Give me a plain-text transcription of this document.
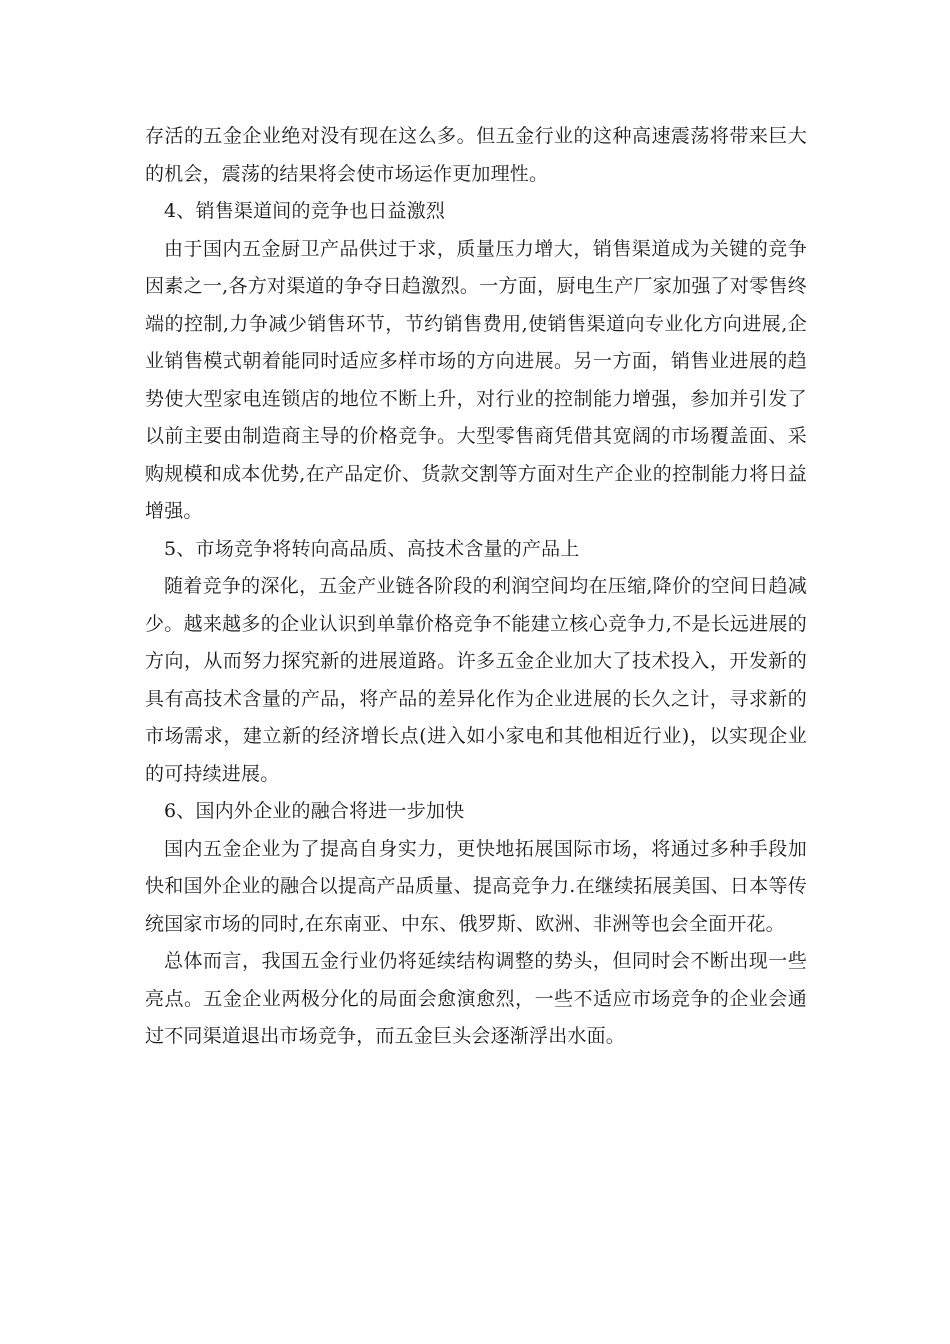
存活的五金企业绝对没有现在这么多。但五金行业的这种高速震荡将带来巨大的机会，震荡的结果将会使市场运作更加理性。

4、销售渠道间的竞争也日益激烈

由于国内五金厨卫产品供过于求，质量压力增大，销售渠道成为关键的竞争因素之一,各方对渠道的争夺日趋激烈。一方面，厨电生产厂家加强了对零售终端的控制,力争减少销售环节，节约销售费用,使销售渠道向专业化方向进展,企业销售模式朝着能同时适应多样市场的方向进展。另一方面，销售业进展的趋势使大型家电连锁店的地位不断上升，对行业的控制能力增强，参加并引发了以前主要由制造商主导的价格竞争。大型零售商凭借其宽阔的市场覆盖面、采购规模和成本优势,在产品定价、货款交割等方面对生产企业的控制能力将日益增强。

5、市场竞争将转向高品质、高技术含量的产品上

随着竞争的深化，五金产业链各阶段的利润空间均在压缩,降价的空间日趋减少。越来越多的企业认识到单靠价格竞争不能建立核心竞争力,不是长远进展的方向，从而努力探究新的进展道路。许多五金企业加大了技术投入，开发新的具有高技术含量的产品，将产品的差异化作为企业进展的长久之计，寻求新的市场需求，建立新的经济增长点(进入如小家电和其他相近行业)，以实现企业的可持续进展。

6、国内外企业的融合将进一步加快

国内五金企业为了提高自身实力，更快地拓展国际市场，将通过多种手段加快和国外企业的融合以提高产品质量、提高竞争力.在继续拓展美国、日本等传统国家市场的同时,在东南亚、中东、俄罗斯、欧洲、非洲等也会全面开花。

总体而言，我国五金行业仍将延续结构调整的势头，但同时会不断出现一些亮点。五金企业两极分化的局面会愈演愈烈，一些不适应市场竞争的企业会通过不同渠道退出市场竞争，而五金巨头会逐渐浮出水面。
